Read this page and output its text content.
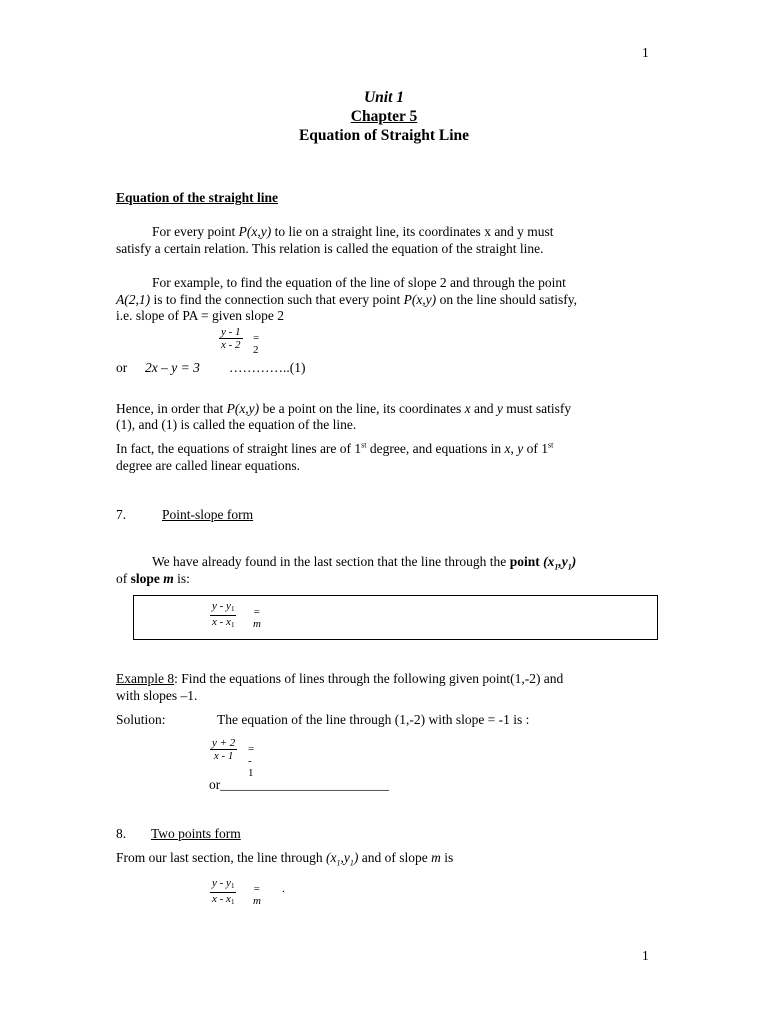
1
1
Unit 1
Chapter 5
Equation of Straight Line
Equation of the straight line
For every point P(x,y) to lie on a straight line, its coordinates x and y must
satisfy a certain relation. This relation is called the equation of the straight line.
For example, to find the equation of the line of slope 2 and through the point
A(2,1) is to find the connection such that every point P(x,y) on the line should satisfy,
i.e. slope of PA = given slope 2
y - 1
x - 2
= 2
or 2x – y = 3 …………..(1)
Hence, in order that P(x,y) be a point on the line, its coordinates x and y must satisfy
(1), and (1) is called the equation of the line.
In fact, the equations of straight lines are of 1st degree, and equations in x, y of 1st
degree are called linear equations.
7.	Point-slope form
We have already found in the last section that the line through the point $(x_1,y_1)$
of slope m is:
y - y1
x - x1
= m
Example 8: Find the equations of lines through the following given point(1,-2) and
with slopes –1.
Solution:	The equation of the line through (1,-2) with slope = -1 is :
y + 2
x - 1
= - 1
or_________________________
8. Two points form
From our last section, the line through $(x_1,y_1)$ and of slope m is
y - y1
x - x1
= m
.
